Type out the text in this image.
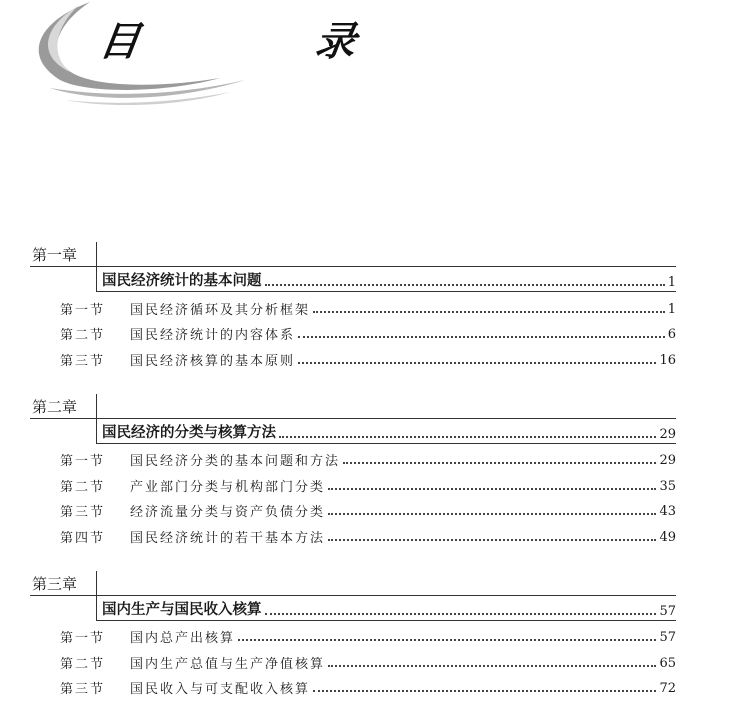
目　录
第一章
国民经济统计的基本问题	1
第一节	国民经济循环及其分析框架	1
第二节	国民经济统计的内容体系	6
第三节	国民经济核算的基本原则	16
第二章
国民经济的分类与核算方法	29
第一节	国民经济分类的基本问题和方法	29
第二节	产业部门分类与机构部门分类	35
第三节	经济流量分类与资产负债分类	43
第四节	国民经济统计的若干基本方法	49
第三章
国内生产与国民收入核算	57
第一节	国内总产出核算	57
第二节	国内生产总值与生产净值核算	65
第三节	国民收入与可支配收入核算	72
